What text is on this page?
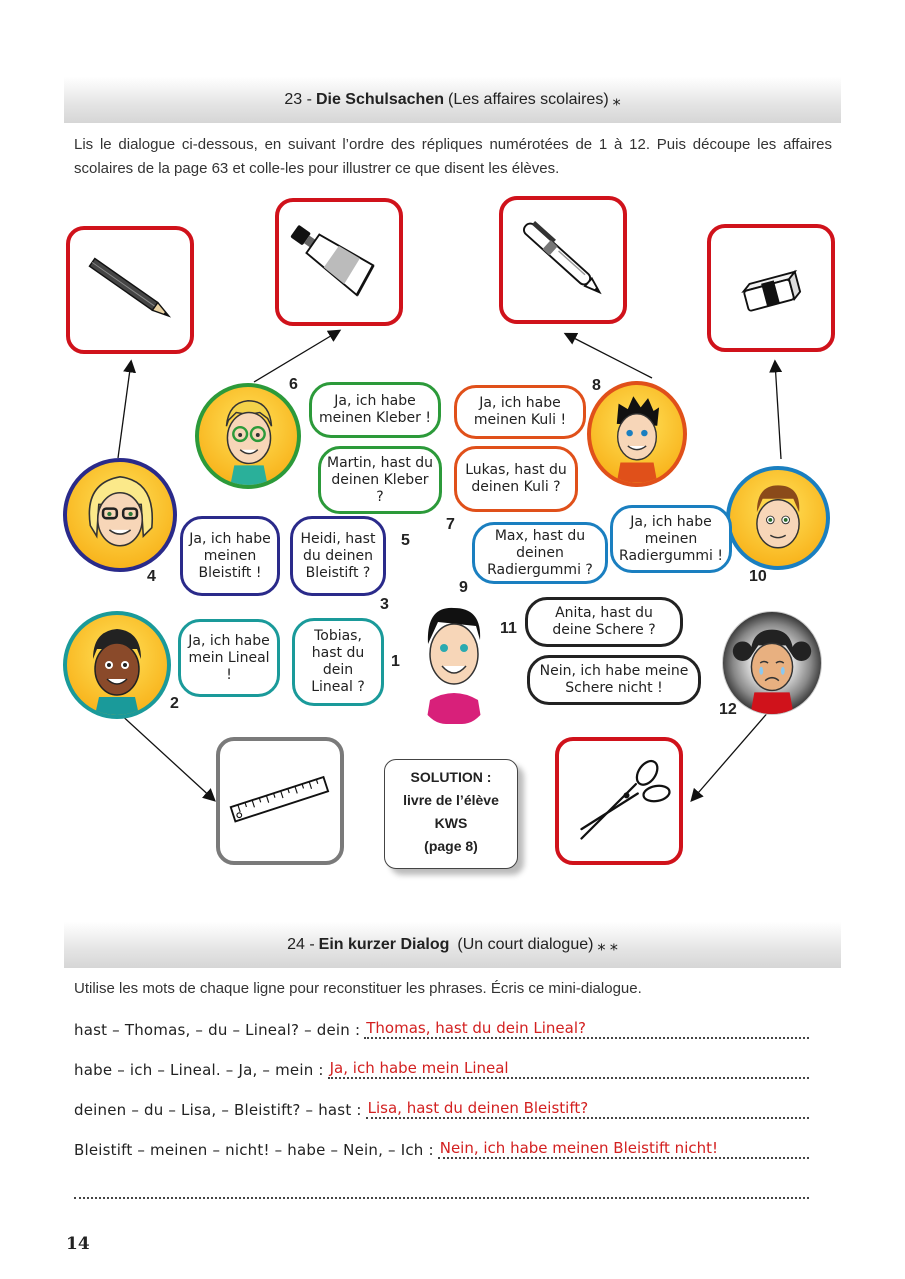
23 - Die Schulsachen (Les affaires scolaires) ⁎
Lis le dialogue ci-dessous, en suivant l’ordre des répliques numérotées de 1 à 12. Puis découpe les affaires scolaires de la page 63 et colle-les pour illustrer ce que disent les élèves.
Ja, ich habe meinen Kleber !
Martin, hast du deinen Kleber ?
Ja, ich habe meinen Bleistift !
Heidi, hast du deinen Bleistift ?
Ja, ich habe mein Lineal !
Tobias, hast du dein Lineal ?
Ja, ich habe meinen Kuli !
Lukas, hast du deinen Kuli ?
Max, hast du deinen Radiergummi ?
Ja, ich habe meinen Radiergummi !
Anita, hast du deine Schere ?
Nein, ich habe meine Schere nicht !
1
2
3
4
5
6
7
8
9
10
11
12
SOLUTION :
livre de l’élève
KWS
(page 8)
24 - Ein kurzer Dialog (Un court dialogue) ⁎ ⁎
Utilise les mots de chaque ligne pour reconstituer les phrases. Écris ce mini-dialogue.
hast – Thomas, – du – Lineal? – dein : Thomas, hast du dein Lineal?
habe – ich – Lineal. – Ja, – mein : Ja, ich habe mein Lineal
deinen – du – Lisa, – Bleistift? – hast : Lisa, hast du deinen Bleistift?
Bleistift – meinen – nicht! – habe – Nein, – Ich : Nein, ich habe meinen Bleistift nicht!
14
